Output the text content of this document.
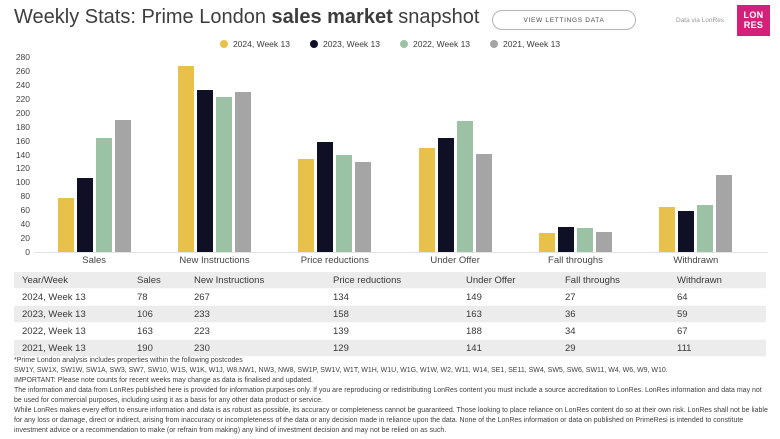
Weekly Stats: Prime London sales market snapshot	VIEW LETTINGS DATA	Data via LonRes
LON
RES
2024, Week 13	2023, Week 13	2022, Week 13	2021, Week 13
0
20
40
60
80
100
120
140
160
180
200
220
240
260
280
Sales	New Instructions	Price reductions	Under Offer	Fall throughs	Withdrawn
Year/Week	Sales	New Instructions	Price reductions	Under Offer	Fall throughs	Withdrawn
2024, Week 13	78	267	134	149	27	64
2023, Week 13	106	233	158	163	36	59
2022, Week 13	163	223	139	188	34	67
2021, Week 13	190	230	129	141	29	111

*Prime London analysis includes properties within the following postcodes

SW1Y, SW1X, SW1W, SW1A, SW3, SW7, SW10, W1S, W1K, W1J, W8.NW1, NW3, NW8, SW1P, SW1V, W1T, W1H, W1U, W1G, W1W, W2, W11, W14, SE1, SE11, SW4, SW5, SW6, SW11, W4, W6, W9, W10.

IMPORTANT: Please note counts for recent weeks may change as data is finalised and updated.

The information and data from LonRes published here is provided for information purposes only. If you are reproducing or redistributing LonRes content you must include a source accreditation to LonRes. LonRes information and data may not be used for commercial purposes, including using it as a basis for any other data product or service.

While LonRes makes every effort to ensure information and data is as robust as possible, its accuracy or completeness cannot be guaranteed. Those looking to place reliance on LonRes content do so at their own risk. LonRes shall not be liable for any loss or damage, direct or indirect, arising from inaccuracy or incompleteness of the data or any decision made in reliance upon the data. None of the LonRes information or data on published on PrimeResi is intended to constitute investment advice or a recommendation to make (or refrain from making) any kind of investment decision and may not be relied on as such.
